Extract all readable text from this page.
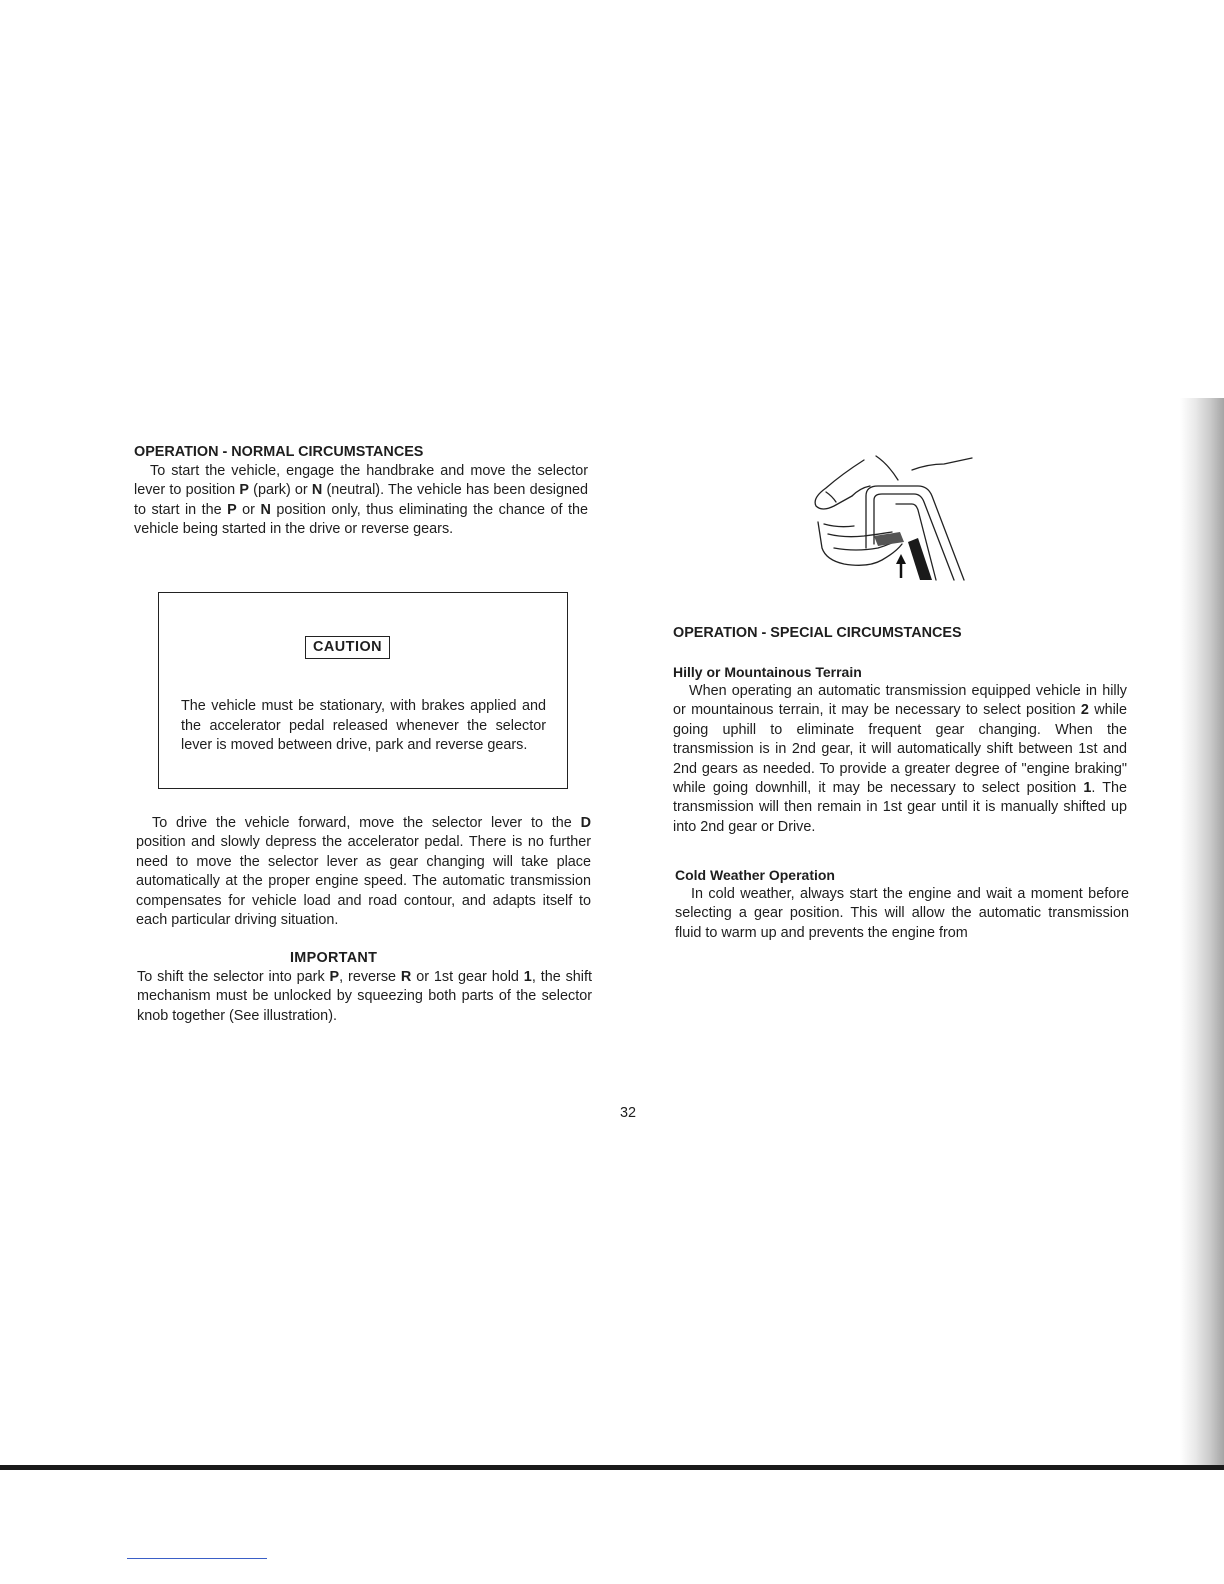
OPERATION - NORMAL CIRCUMSTANCES

To start the vehicle, engage the handbrake and move the selector lever to position P (park) or N (neutral). The vehicle has been designed to start in the P or N position only, thus eliminating the chance of the vehicle being started in the drive or reverse gears.

CAUTION

The vehicle must be stationary, with brakes applied and the accelerator pedal released whenever the selector lever is moved between drive, park and reverse gears.

To drive the vehicle forward, move the selector lever to the D position and slowly depress the accelerator pedal. There is no further need to move the selector lever as gear changing will take place automatically at the proper engine speed. The automatic transmission compensates for vehicle load and road contour, and adapts itself to each particular driving situation.

IMPORTANT

To shift the selector into park P, reverse R or 1st gear hold 1, the shift mechanism must be unlocked by squeezing both parts of the selector knob together (See illustration).

OPERATION - SPECIAL CIRCUMSTANCES
Hilly or Mountainous Terrain

When operating an automatic transmission equipped vehicle in hilly or mountainous terrain, it may be necessary to select position 2 while going uphill to eliminate frequent gear changing. When the transmission is in 2nd gear, it will automatically shift between 1st and 2nd gears as needed. To provide a greater degree of "engine braking" while going downhill, it may be necessary to select position 1. The transmission will then remain in 1st gear until it is manually shifted up into 2nd gear or Drive.

Cold Weather Operation

In cold weather, always start the engine and wait a moment before selecting a gear position. This will allow the automatic transmission fluid to warm up and prevents the engine from

32
